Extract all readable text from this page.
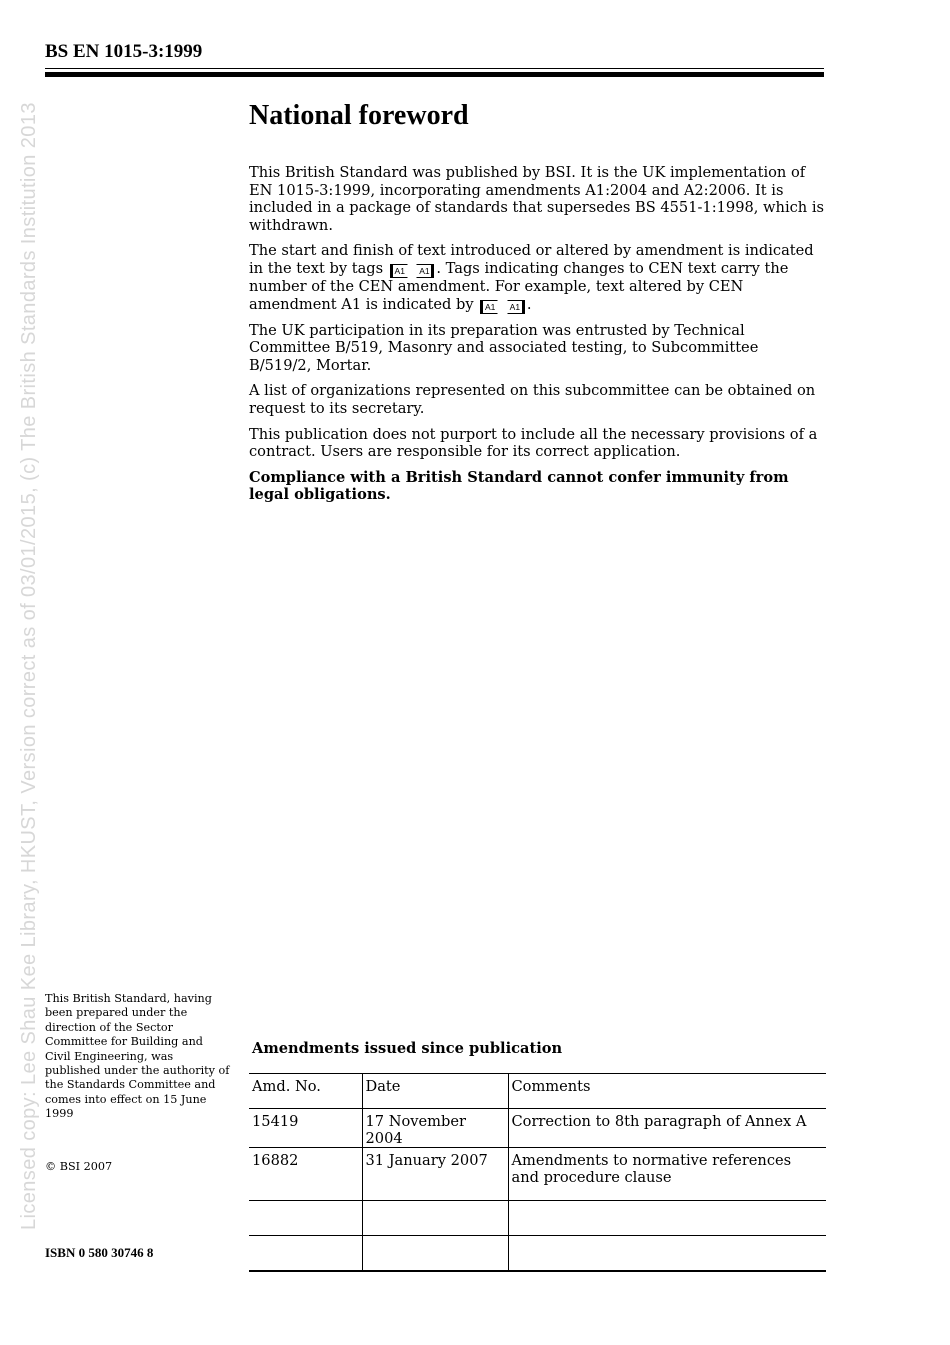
BS EN 1015-3:1999
Licensed copy: Lee Shau Kee Library, HKUST, Version correct as of 03/01/2015, (c) The British Standards Institution 2013	National foreword

This British Standard was published by BSI. It is the UK implementation of EN 1015-3:1999, incorporating amendments A1:2004 and A2:2006. It is included in a package of standards that supersedes BS 4551-1:1998, which is withdrawn.

The start and finish of text introduced or altered by amendment is indicated in the text by tags A1 A1 . Tags indicating changes to CEN text carry the number of the CEN amendment. For example, text altered by CEN amendment A1 is indicated by A1 A1 .

The UK participation in its preparation was entrusted by Technical Committee B/519, Masonry and associated testing, to Subcommittee B/519/2, Mortar.

A list of organizations represented on this subcommittee can be obtained on request to its secretary.

This publication does not purport to include all the necessary provisions of a contract. Users are responsible for its correct application.

Compliance with a British Standard cannot confer immunity from legal obligations.

This British Standard, having been prepared under the direction of the Sector Committee for Building and Civil Engineering, was published under the authority of the Standards Committee and comes into effect on 15 June 1999
© BSI 2007
ISBN 0 580 30746 8
Amendments issued since publication
Amd. No.	Date	Comments
15419	17 November 2004	Correction to 8th paragraph of Annex A
16882	31 January 2007	Amendments to normative references and procedure clause
